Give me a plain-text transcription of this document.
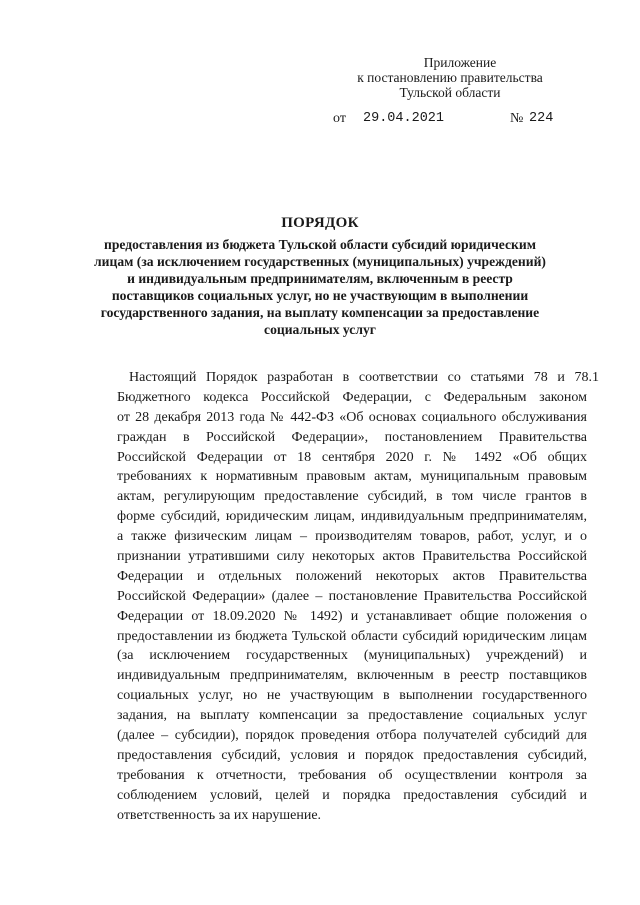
Приложение
к постановлению правительства
Тульской области
от 29.04.2021	№ 224
ПОРЯДОК
предоставления из бюджета Тульской области субсидий юридическим
лицам (за исключением государственных (муниципальных) учреждений)
и индивидуальным предпринимателям, включенным в реестр
поставщиков социальных услуг, но не участвующим в выполнении
государственного задания, на выплату компенсации за предоставление
социальных услуг
Настоящий Порядок разработан в соответствии со статьями 78 и 78.1
Бюджетного кодекса Российской Федерации, с Федеральным законом
от 28 декабря 2013 года № 442-ФЗ «Об основах социального обслуживания
граждан в Российской Федерации», постановлением Правительства
Российской Федерации от 18 сентября 2020 г. № 1492 «Об общих
требованиях к нормативным правовым актам, муниципальным правовым
актам, регулирующим предоставление субсидий, в том числе грантов в
форме субсидий, юридическим лицам, индивидуальным предпринимателям,
а также физическим лицам – производителям товаров, работ, услуг, и о
признании утратившими силу некоторых актов Правительства Российской
Федерации и отдельных положений некоторых актов Правительства
Российской Федерации» (далее – постановление Правительства Российской
Федерации от 18.09.2020 № 1492) и устанавливает общие положения о
предоставлении из бюджета Тульской области субсидий юридическим лицам
(за исключением государственных (муниципальных) учреждений) и
индивидуальным предпринимателям, включенным в реестр поставщиков
социальных услуг, но не участвующим в выполнении государственного
задания, на выплату компенсации за предоставление социальных услуг
(далее – субсидии), порядок проведения отбора получателей субсидий для
предоставления субсидий, условия и порядок предоставления субсидий,
требования к отчетности, требования об осуществлении контроля за
соблюдением условий, целей и порядка предоставления субсидий и
ответственность за их нарушение.
